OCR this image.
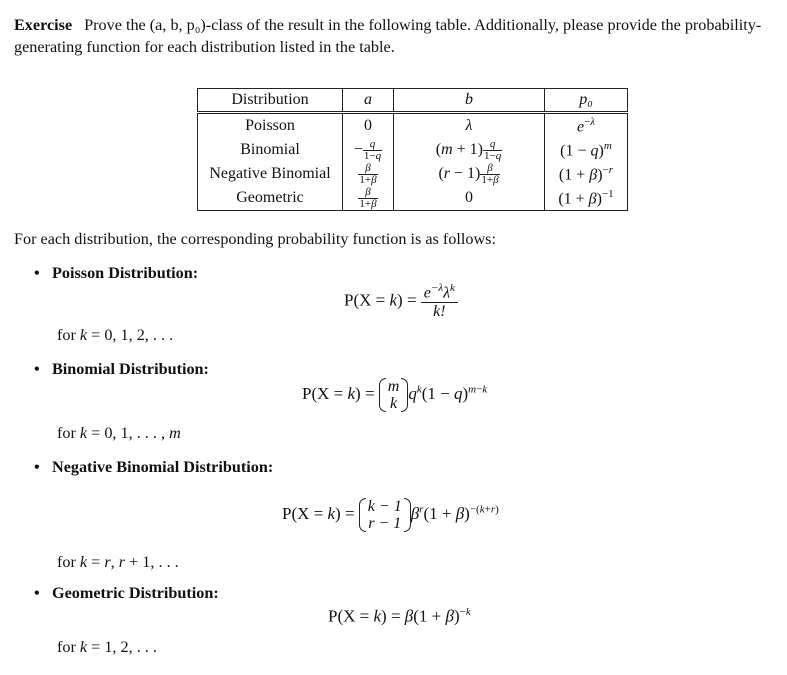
Exercise Prove the (a, b, p₀)-class of the result in the following table. Additionally, please provide the probability-generating function for each distribution listed in the table.
Distribution	a	b	p₀
Poisson	0	λ	$e^{-\lambda}$
Binomial	− $\frac{q}{1-q}$	$(m + 1) \frac{q}{1-q}$	$(1 - q)^m$
Negative Binomial	$\frac{\beta}{1+\beta}$	$(r - 1) \frac{\beta}{1+\beta}$	$(1 + \beta)^{-r}$
Geometric	$\frac{\beta}{1+\beta}$	0	$(1 + \beta)^{-1}$
For each distribution, the corresponding probability function is as follows:
• Poisson Distribution:
$P(X = k) = \frac{e^{-\lambda}\lambda^k}{k!}$
for k = 0, 1, 2, . . .
• Binomial Distribution:
P(X = k) = m
k
$q^k(1 - q)^{m-k}$
for k = 0, 1, . . . , m
• Negative Binomial Distribution:
P(X = k) = k − 1
r − 1
$\beta^r(1 + \beta)^{-(k+r)}$
for k = r, r + 1, . . .
• Geometric Distribution:
$P(X = k) = \beta(1 + \beta)^{-k}$
for k = 1, 2, . . .
